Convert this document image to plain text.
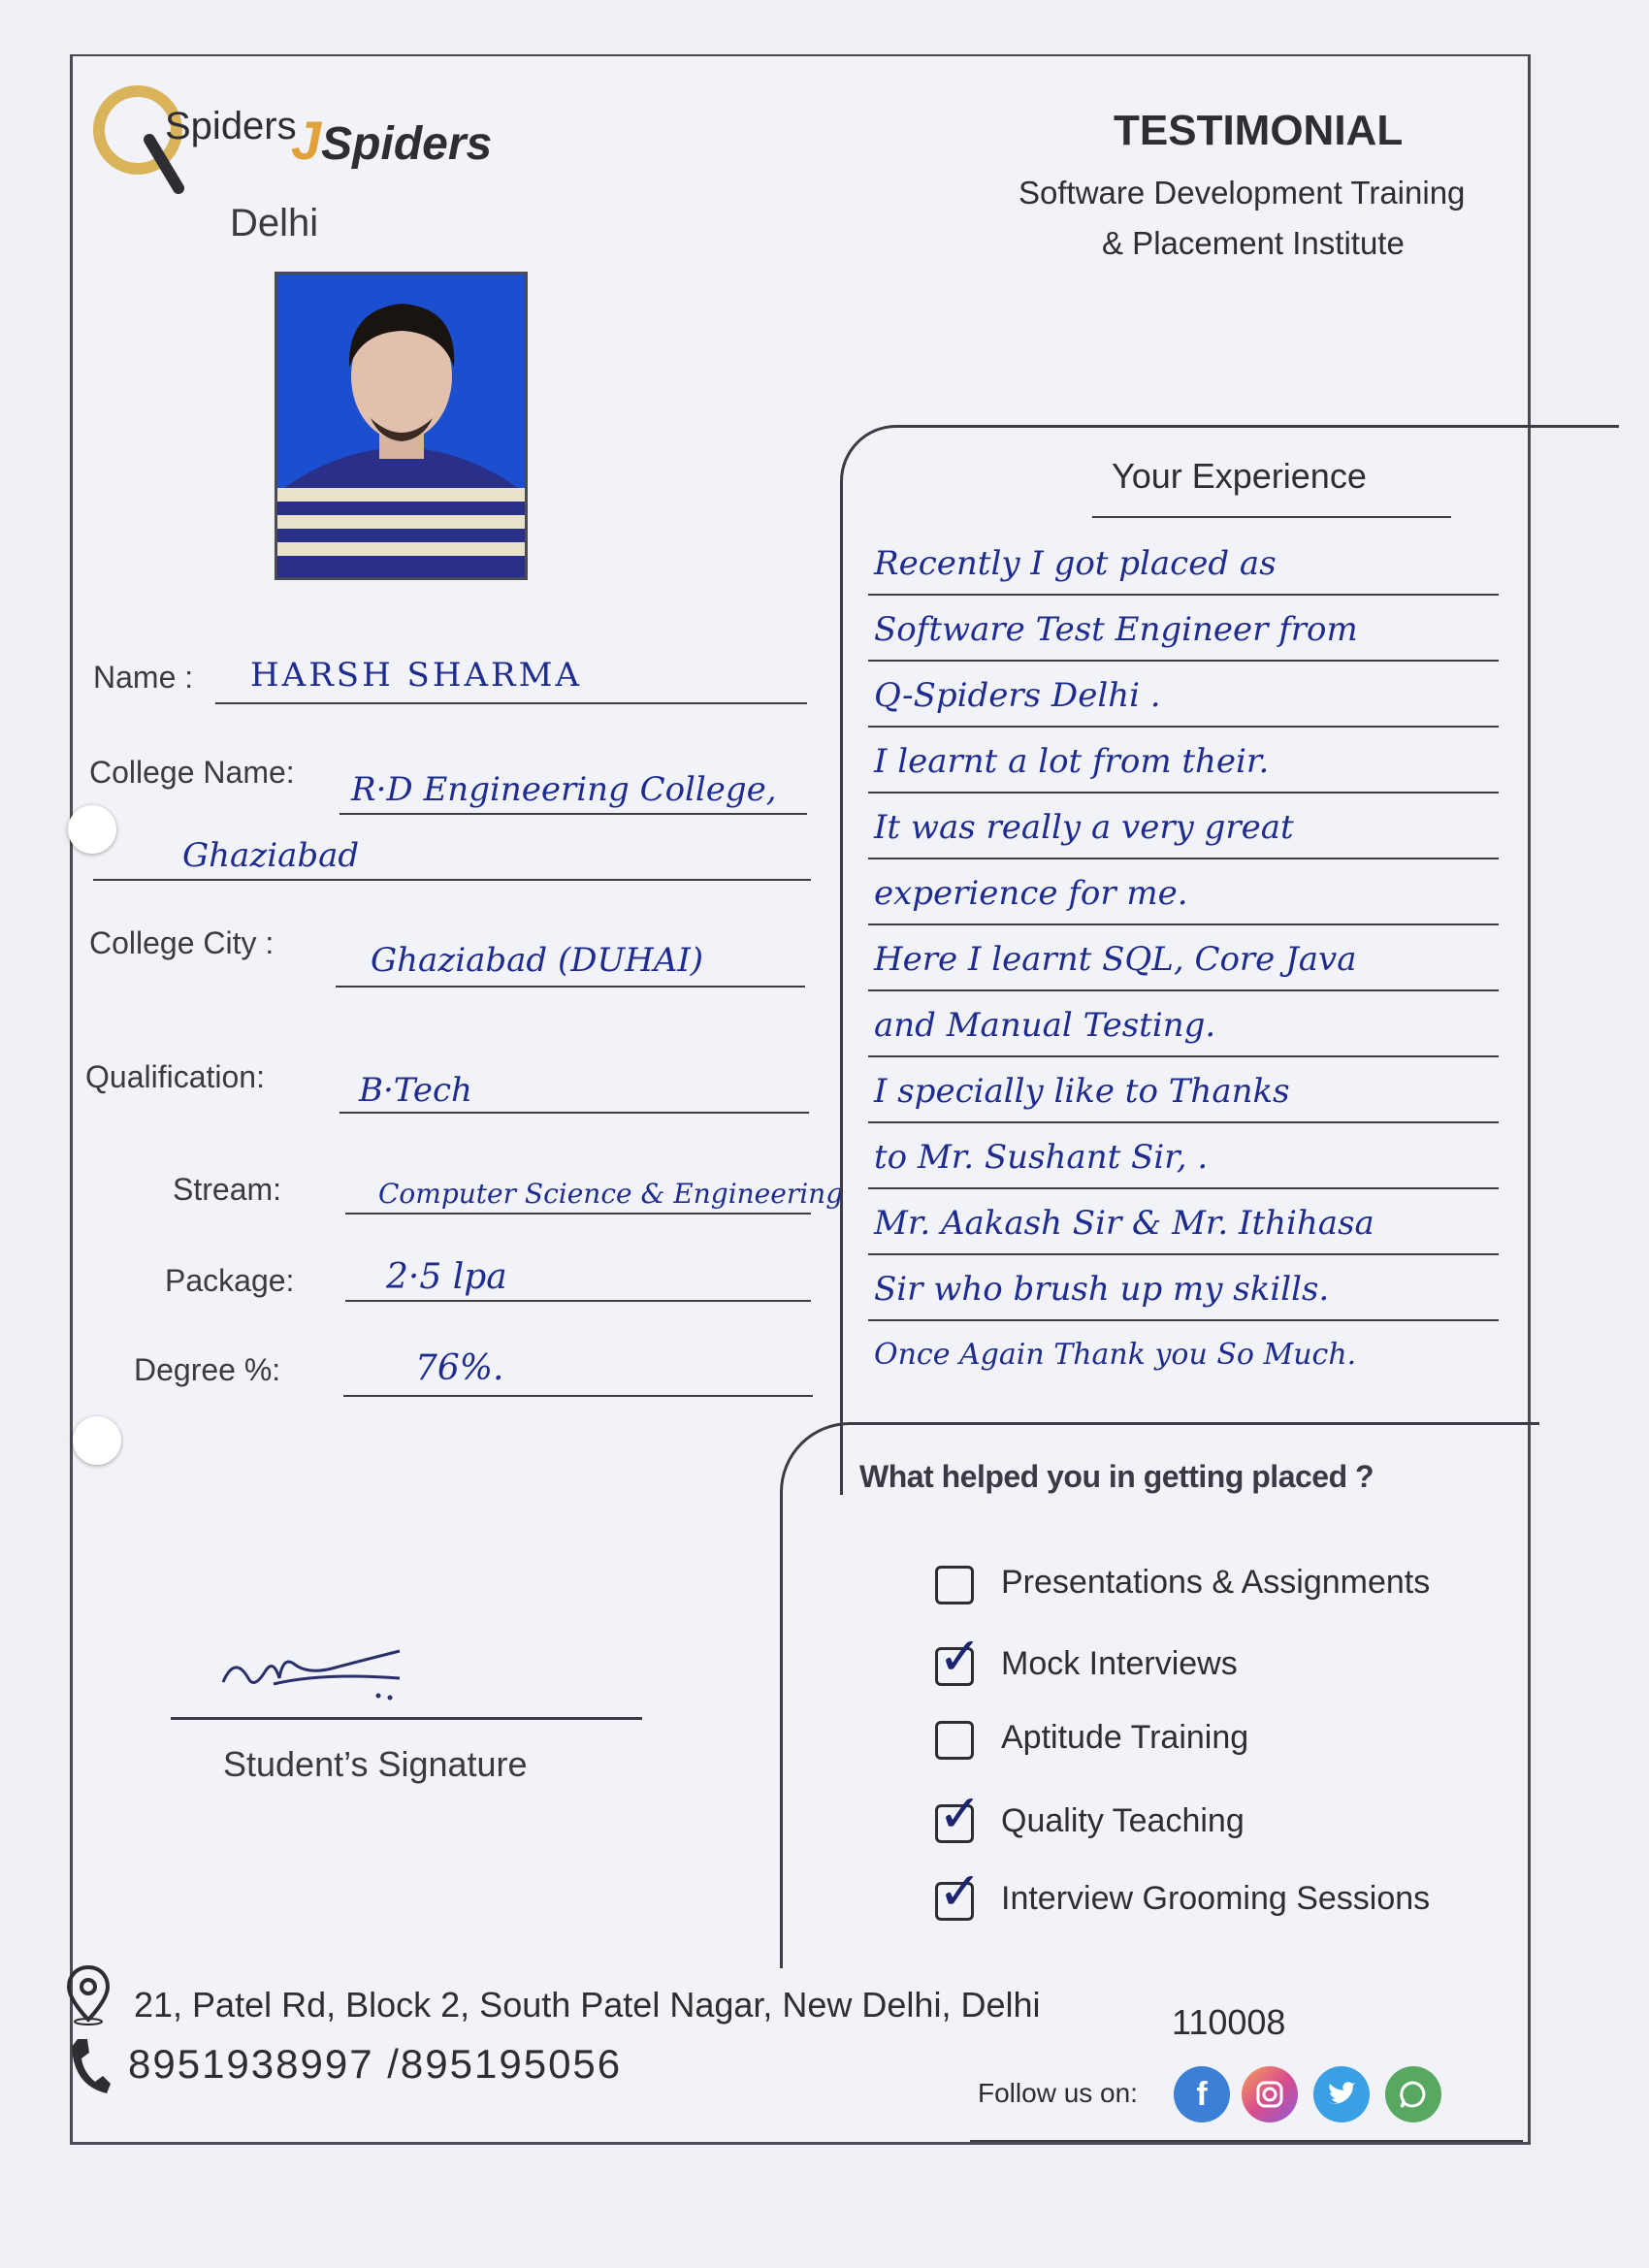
Spiders
JSpiders
Delhi
TESTIMONIAL
Software Development Training
& Placement Institute
Name : HARSH SHARMA
College Name: R·D Engineering College,
Ghaziabad
College City :	Ghaziabad (DUHAI)
Qualification:	B·Tech
Stream:	Computer Science & Engineering
Package:	2·5 lpa
Degree %:	76%.
Your Experience
Recently I got placed as
Software Test Engineer from
Q-Spiders Delhi .
I learnt a lot from their.
It was really a very great
experience for me.
Here I learnt SQL, Core Java
and Manual Testing.
I specially like to Thanks
to Mr. Sushant Sir, .
Mr. Aakash Sir & Mr. Ithihasa
Sir who brush up my skills.
Once Again Thank you So Much.
What helped you in getting placed ?
Presentations & Assignments
✓ Mock Interviews
Aptitude Training
✓ Quality Teaching
✓ Interview Grooming Sessions
Student’s Signature
21, Patel Rd, Block 2, South Patel Nagar, New Delhi, Delhi	110008
8951938997 /895195056
Follow us on:	f
